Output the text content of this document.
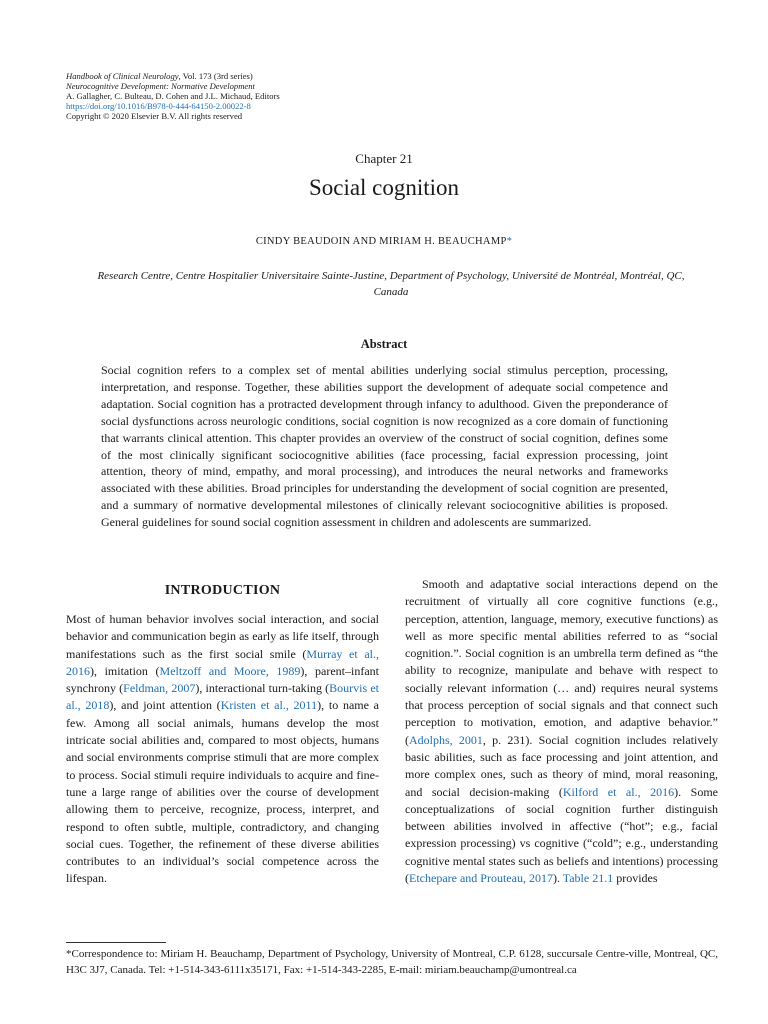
Handbook of Clinical Neurology, Vol. 173 (3rd series)
Neurocognitive Development: Normative Development
A. Gallagher, C. Bulteau, D. Cohen and J.L. Michaud, Editors
https://doi.org/10.1016/B978-0-444-64150-2.00022-8
Copyright © 2020 Elsevier B.V. All rights reserved
Chapter 21
Social cognition
CINDY BEAUDOIN AND MIRIAM H. BEAUCHAMP*
Research Centre, Centre Hospitalier Universitaire Sainte-Justine, Department of Psychology, Université de Montréal, Montréal, QC, Canada
Abstract
Social cognition refers to a complex set of mental abilities underlying social stimulus perception, processing, interpretation, and response. Together, these abilities support the development of adequate social competence and adaptation. Social cognition has a protracted development through infancy to adulthood. Given the preponderance of social dysfunctions across neurologic conditions, social cognition is now recognized as a core domain of functioning that warrants clinical attention. This chapter provides an overview of the construct of social cognition, defines some of the most clinically significant sociocognitive abilities (face processing, facial expression processing, joint attention, theory of mind, empathy, and moral processing), and introduces the neural networks and frameworks associated with these abilities. Broad principles for understanding the development of social cognition are presented, and a summary of normative developmental milestones of clinically relevant sociocognitive abilities is proposed. General guidelines for sound social cognition assessment in children and adolescents are summarized.
INTRODUCTION

Most of human behavior involves social interaction, and social behavior and communication begin as early as life itself, through manifestations such as the first social smile (Murray et al., 2016), imitation (Meltzoff and Moore, 1989), parent–infant synchrony (Feldman, 2007), interactional turn-taking (Bourvis et al., 2018), and joint attention (Kristen et al., 2011), to name a few. Among all social animals, humans develop the most intricate social abilities and, compared to most objects, humans and social environments comprise stimuli that are more complex to process. Social stimuli require individuals to acquire and fine-tune a large range of abilities over the course of development allowing them to perceive, recognize, process, interpret, and respond to often subtle, multiple, contradictory, and changing social cues. Together, the refinement of these diverse abilities contributes to an individual’s social competence across the lifespan.

Smooth and adaptative social interactions depend on the recruitment of virtually all core cognitive functions (e.g., perception, attention, language, memory, executive functions) as well as more specific mental abilities referred to as “social cognition.”. Social cognition is an umbrella term defined as “the ability to recognize, manipulate and behave with respect to socially relevant information (… and) requires neural systems that process perception of social signals and that connect such perception to motivation, emotion, and adaptive behavior.” (Adolphs, 2001, p. 231). Social cognition includes relatively basic abilities, such as face processing and joint attention, and more complex ones, such as theory of mind, moral reasoning, and social decision-making (Kilford et al., 2016). Some conceptualizations of social cognition further distinguish between abilities involved in affective (“hot”; e.g., facial expression processing) vs cognitive (“cold”; e.g., understanding cognitive mental states such as beliefs and intentions) processing (Etchepare and Prouteau, 2017). Table 21.1 provides

*Correspondence to: Miriam H. Beauchamp, Department of Psychology, University of Montreal, C.P. 6128, succursale Centre-ville, Montreal, QC, H3C 3J7, Canada. Tel: +1-514-343-6111x35171, Fax: +1-514-343-2285, E-mail: miriam.beauchamp@umontreal.ca
